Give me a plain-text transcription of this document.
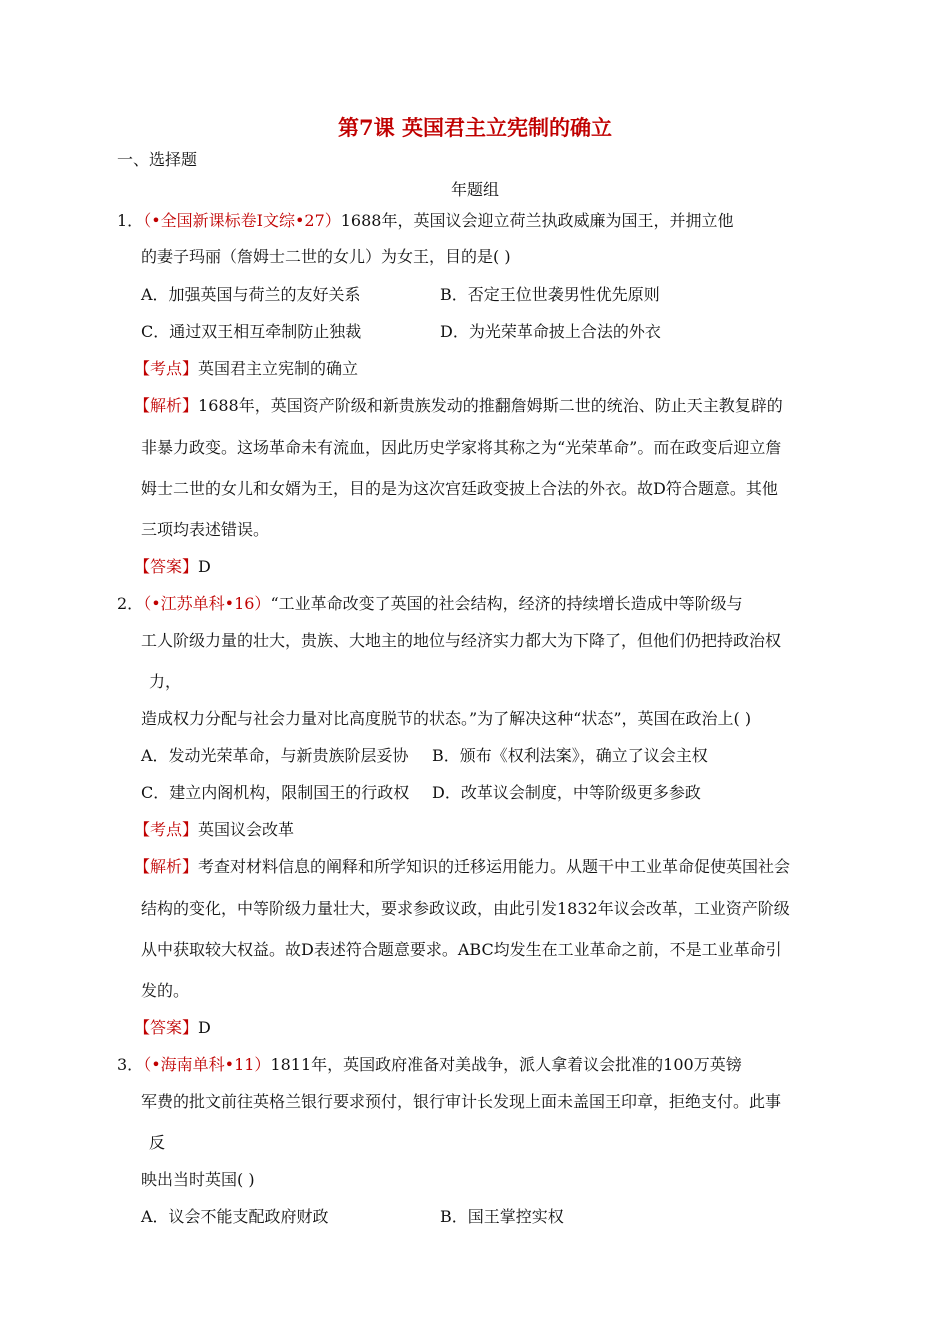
第7课 英国君主立宪制的确立
一、选择题
年题组
1．（•全国新课标卷Ⅰ文综•27）1688年，英国议会迎立荷兰执政威廉为国王，并拥立他
的妻子玛丽（詹姆士二世的女儿）为女王，目的是( )
A．加强英国与荷兰的友好关系	B．否定王位世袭男性优先原则
C．通过双王相互牵制防止独裁	D．为光荣革命披上合法的外衣
【考点】英国君主立宪制的确立
【解析】1688年，英国资产阶级和新贵族发动的推翻詹姆斯二世的统治、防止天主教复辟的
非暴力政变。这场革命未有流血，因此历史学家将其称之为“光荣革命”。而在政变后迎立詹
姆士二世的女儿和女婿为王，目的是为这次宫廷政变披上合法的外衣。故D符合题意。其他
三项均表述错误。
【答案】D
2．（•江苏单科•16）“工业革命改变了英国的社会结构，经济的持续增长造成中等阶级与
工人阶级力量的壮大，贵族、大地主的地位与经济实力都大为下降了，但他们仍把持政治权
力，
造成权力分配与社会力量对比高度脱节的状态。”为了解决这种“状态”，英国在政治上( )
A．发动光荣革命，与新贵族阶层妥协 B．颁布《权利法案》，确立了议会主权
C．建立内阁机构，限制国王的行政权 D．改革议会制度，中等阶级更多参政
【考点】英国议会改革
【解析】考查对材料信息的阐释和所学知识的迁移运用能力。从题干中工业革命促使英国社会
结构的变化，中等阶级力量壮大，要求参政议政，由此引发1832年议会改革，工业资产阶级
从中获取较大权益。故D表述符合题意要求。ABC均发生在工业革命之前，不是工业革命引
发的。
【答案】D
3．（•海南单科•11）1811年，英国政府准备对美战争，派人拿着议会批准的100万英镑
军费的批文前往英格兰银行要求预付，银行审计长发现上面未盖国王印章，拒绝支付。此事
反
映出当时英国( )
A．议会不能支配政府财政	B．国王掌控实权
